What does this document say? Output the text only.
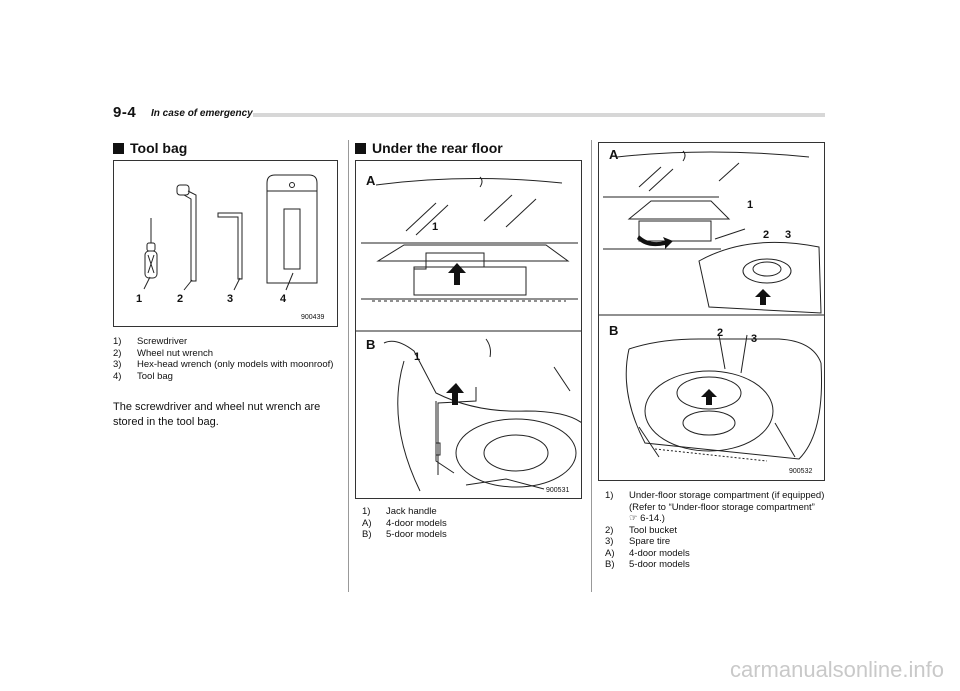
9-4 In case of emergency
Tool bag
1	2	3	4
900439
1) Screwdriver
2) Wheel nut wrench
3) Hex-head wrench (only models with moonroof)
4) Tool bag
The screwdriver and wheel nut wrench are stored in the tool bag.
Under the rear floor
A
1
B
1
900531
1) Jack handle
A) 4-door models
B) 5-door models
A
1
2 3
B	2	3
900532
1) Under-floor storage compartment (if equipped) (Refer to “Under-floor storage compartment” ☞ 6-14.)
2) Tool bucket
3) Spare tire
A) 4-door models
B) 5-door models
carmanualsonline.info
